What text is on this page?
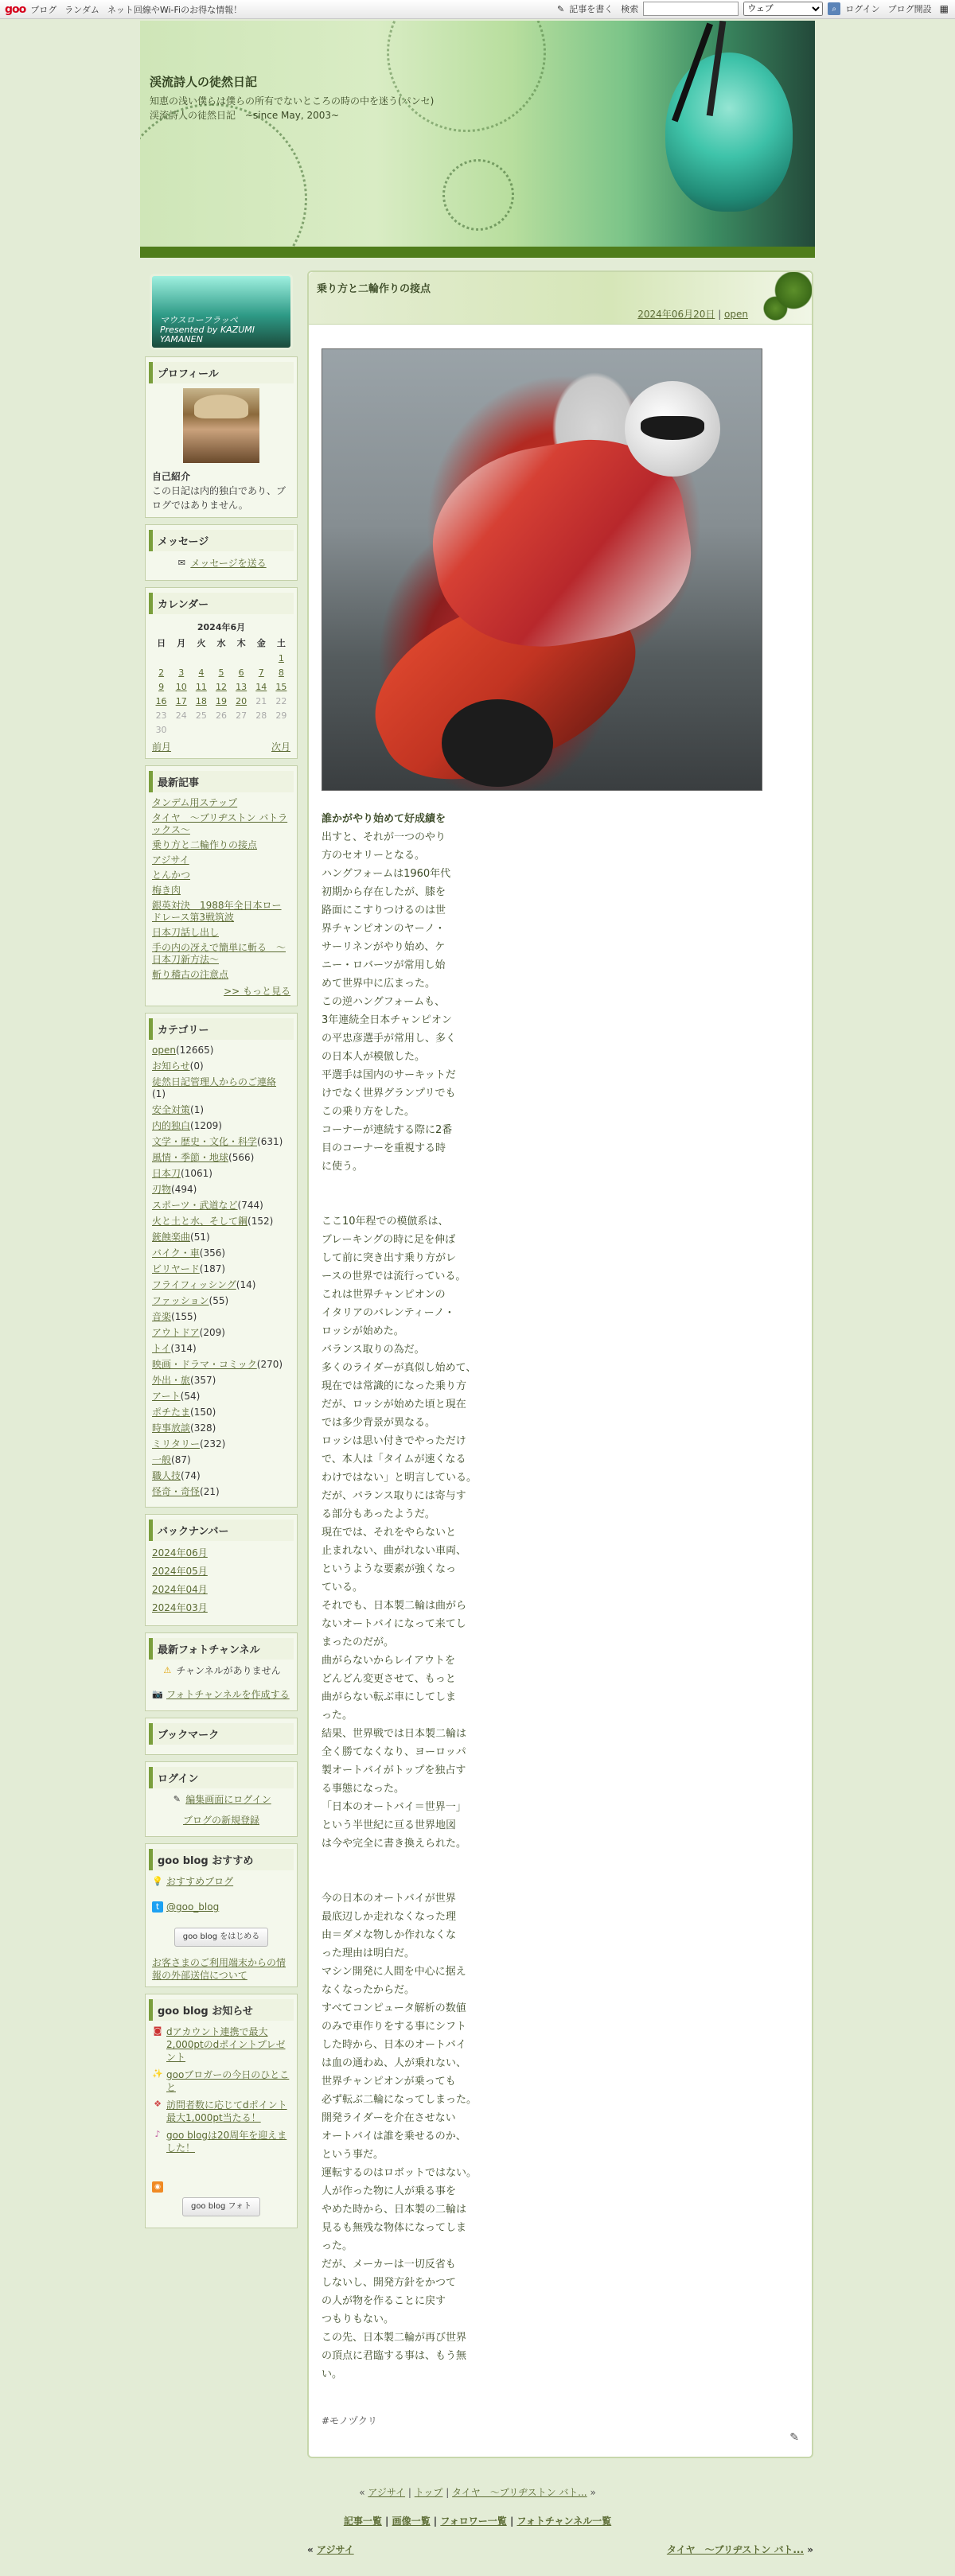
goo ブログ ランダム ネット回線やWi-Fiのお得な情報！	✎ 記事を書く 検索
ウェブ	⌕ ログイン ブログ開設 ▦
渓流詩人の徒然日記
知恵の浅い僕らは僕らの所有でないところの時の中を迷う(パンセ)　渓流詩人の徒然日記　~since May, 2003~
マウスローフラッペ
Presented by KAZUMI YAMANEN
プロフィール

自己紹介

この日記は内的独白であり、ブログではありません。

メッセージ
✉ メッセージを送る
カレンダー
2024年6月
日	月	火	水	木	金	土
						1
2	3	4	5	6	7	8
9	10	11	12	13	14	15
16	17	18	19	20	21	22
23	24	25	26	27	28	29
30						
前月	次月
最新記事
タンデム用ステップ
タイヤ　～ブリヂストン バトラックス～
乗り方と二輪作りの接点
アジサイ
とんかつ
梅き肉
銀英対決　1988年全日本ロードレース第3戦筑波
日本刀話し出し
手の内の冴えで簡単に斬る　～日本刀新方法～
斬り稽古の注意点
>> もっと見る
カテゴリー
open(12665)
お知らせ(0)
徒然日記管理人からのご連絡
(1)
安全対策(1)
内的独白(1209)
文学・歴史・文化・科学(631)
風情・季節・地球(566)
日本刀(1061)
刃物(494)
スポーツ・武道など(744)
火と土と水、そして鋼(152)
銃蝕楽曲(51)
バイク・車(356)
ビリヤード(187)
フライフィッシング(14)
ファッション(55)
音楽(155)
アウトドア(209)
トイ(314)
映画・ドラマ・コミック(270)
外出・旅(357)
アート(54)
ポチたま(150)
時事放談(328)
ミリタリー(232)
一般(87)
職人技(74)
怪奇・奇怪(21)
バックナンバー
2024年06月
2024年05月
2024年04月
2024年03月
最新フォトチャンネル
⚠ チャンネルがありません
📷 フォトチャンネルを作成する
ブックマーク
ログイン
✎ 編集画面にログイン
ブログの新規登録
goo blog おすすめ
💡 おすすめブログ
t @goo_blog
goo blog をはじめる
お客さまのご利用端末からの情報の外部送信について
goo blog お知らせ
◙ dアカウント連携で最大2,000ptのdポイントプレゼント
✨ gooブロガーの今日のひとこと
❖ 訪問者数に応じてdポイント最大1,000pt当たる！
♪ goo blogは20周年を迎えました！
◉
goo blog フォト
乗り方と二輪作りの接点
2024年06月20日 | open

誰かがやり始めて好成績を

出すと、それが一つのやり

方のセオリーとなる。

ハングフォームは1960年代

初期から存在したが、膝を

路面にこすりつけるのは世

界チャンピオンのヤーノ・

サーリネンがやり始め、ケ

ニー・ロバーツが常用し始

めて世界中に広まった。

この逆ハングフォームも、

3年連続全日本チャンピオン

の平忠彦選手が常用し、多く

の日本人が模倣した。

平選手は国内のサーキットだ

けでなく世界グランプリでも

この乗り方をした。

コーナーが連続する際に2番

目のコーナーを重視する時

に使う。

ここ10年程での模倣系は、

ブレーキングの時に足を伸ば

して前に突き出す乗り方がレ

ースの世界では流行っている。

これは世界チャンピオンの

イタリアのバレンティーノ・

ロッシが始めた。

バランス取りの為だ。

多くのライダーが真似し始めて、

現在では常識的になった乗り方

だが、ロッシが始めた頃と現在

では多少背景が異なる。

ロッシは思い付きでやっただけ

で、本人は「タイムが速くなる

わけではない」と明言している。

だが、バランス取りには寄与す

る部分もあったようだ。

現在では、それをやらないと

止まれない、曲がれない車両、

というような要素が強くなっ

ている。

それでも、日本製二輪は曲がら

ないオートバイになって来てし

まったのだが。

曲がらないからレイアウトを

どんどん変更させて、もっと

曲がらない転ぶ車にしてしま

った。

結果、世界戦では日本製二輪は

全く勝てなくなり、ヨーロッパ

製オートバイがトップを独占す

る事態になった。

「日本のオートバイ＝世界一」

という半世紀に亘る世界地図

は今や完全に書き換えられた。

今の日本のオートバイが世界

最底辺しか走れなくなった理

由＝ダメな物しか作れなくな

った理由は明白だ。

マシン開発に人間を中心に据え

なくなったからだ。

すべてコンピュータ解析の数値

のみで車作りをする事にシフト

した時から、日本のオートバイ

は血の通わぬ、人が乗れない、

世界チャンピオンが乗っても

必ず転ぶ二輪になってしまった。

開発ライダーを介在させない

オートバイは誰を乗せるのか、

という事だ。

運転するのはロボットではない。

人が作った物に人が乗る事を

やめた時から、日本製の二輪は

見るも無残な物体になってしま

った。

だが、メーカーは一切反省も

しないし、開発方針をかつて

の人が物を作ることに戻す

つもりもない。

この先、日本製二輪が再び世界

の頂点に君臨する事は、もう無

い。

#モノヅクリ
✎
« アジサイ | トップ | タイヤ　～ブリヂストン バト... »
記事一覧 | 画像一覧 | フォロワー一覧 | フォトチャンネル一覧
« アジサイ	タイヤ　～ブリヂストン バト... »
